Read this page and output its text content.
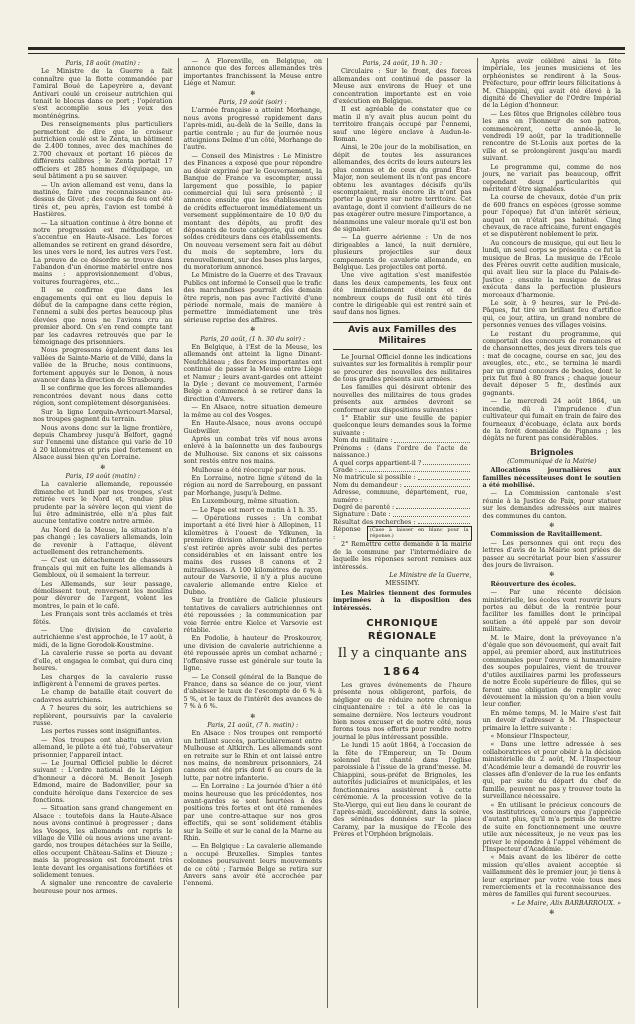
Paris, 18 août (matin) :

Le Ministre de la Guerre a fait connaître que la flotte commandée par l'amiral Boué de Lapeyrère a, devant Antivari coulé un croiseur autrichien qui tenait le blocus dans ce port ; l'opération s'est accomplie sous les yeux des monténégrins.

Des renseignements plus particuliers permettent de dire que le croiseur autrichien coulé est le Zenta, un bâtiment de 2.400 tonnes, avec des machines de 2.700 chevaux et portant 16 pièces de différents calibres ; le Zenta portait 17 officiers et 285 hommes d'équipage, un seul bâtiment a pu se sauver.

— Un avion allemand est venu, dans la matinée, faire une reconnaissance au-dessus de Givet ; des coups de feu ont été tirés et, peu après, l'avion est tombé à Hastières.

— La situation continue à être bonne et notre progression est méthodique et s'accentue en Haute-Alsace. Les forces allemandes se retirent en grand désordre, les unes vers le nord, les autres vers l'est. La preuve de ce désordre se trouve dans l'abandon d'un énorme matériel entre nos mains : approvisionnement d'obus, voitures fourragères, etc...

Il se confirme que dans les engagements qui ont eu lieu depuis le début de la campagne dans cette région, l'ennemi a subi des pertes beaucoup plus élevées que nous ne l'avions cru au premier abord. On s'en rend compte tant par les cadavres retrouvés que par le témoignage des prisonniers.

Nous progressons également dans les vallées de Sainte-Marie et de Villé, dans la vallée de la Bruche, nous continuons, fortement appuyés sur le Donon, à nous avancer dans la direction de Strasbourg.

Il se confirme que les forces allemandes rencontrées devant nous dans cette région, sont complètement désorganisées.

Sur la ligne Lorquin-Avricourt-Marsal, nos troupes gagnent du terrain.

Nous avons donc sur la ligne frontière, depuis Chambrey jusqu'à Belfort, gagné sur l'ennemi une distance qui varie de 10 à 20 kilomètres et pris pied fortement en Alsace aussi bien qu'en Lorraine.

✻

Paris, 19 août (matin) :

La cavalerie allemande, repoussée dimanche et lundi par nos troupes, s'est retirée vers le Nord et, rendue plus prudente par la sévère leçon qui vient de lui être administrée, elle n'a plus fait aucune tentative contre notre armée.

Au Nord de la Meuse, la situation n'a pas changé ; les cavaliers allemands, loin de revenir à l'attaque, élèvent actuellement des retranchements.

— C'est un détachement de chasseurs français qui mit en fuite les allemands à Gembloux, où il semaient la terreur.

Les Allemands, sur leur passage, démolissent tout, renversent les moulins pour dévorer de l'argent, volent les montres, le pain et le café.

Les Français sont très acclamés et très fêtés.

— Une division de cavalerie autrichienne s'est approchée, le 17 août, à midi, de la ligne Gorodok-Koustmine.

La cavalerie russe se porta au devant d'elle, et engagea le combat, qui dura cinq heures.

Les charges de la cavalerie russe infligèrent à l'ennemi de graves pertes.

Le champ de bataille était couvert de cadavres autrichiens.

A 7 heures du soir, les autrichiens se replièrent, poursuivis par la cavalerie russe.

Les pertes russes sont insignifiantes.

— Nos troupes ont abattu un avion allemand, le pilote a été tué, l'observateur prisonnier, l'appareil intact.

— Le Journal Officiel publie le décret suivant : L'ordre national de la Légion d'honneur a décoré M. Benoit Joseph Edmond, maire de Badonviller, pour sa conduite héroïque dans l'exercice de ses fonctions.

— Situation sans grand changement en Alsace : toutefois dans la Haute-Alsace nous avons continué à progresser ; dans les Vosges, les allemands ont repris le village de Villé où nous avions une avant-garde, nos troupes détachées sur la Seille, elles occupent Château-Salins et Dieuze ; mais la progression est forcément très lente devant les organisations fortifiées et solidement tenues.

A signaler une rencontre de cavalerie heureuse pour nos armes.

— A Florenville, en Belgique, on annonce que des forces allemandes très importantes franchissent la Meuse entre Liège et Namur.

✻

Paris, 19 août (soir) :

L'armée française a atteint Morhange, nous avons progressé rapidement dans l'après-midi, au-delà de la Seille, dans la partie centrale ; au fur de journée nous atteignions Delme d'un côté, Morhange de l'autre.

— Conseil des Ministres : Le Ministre des Finances a exposé que pour répondre au désir exprimé par le Gouvernement, la Banque de France va escompter, aussi largement que possible, le papier commercial qui lui sera présenté ; il annonce ensuite que les établissements de crédits effectueront immédiatement un versement supplémentaire de 10 0/0 du montant des dépôts, au profit des déposants de toute catégorie, qui ont des soldes créditeurs dans ces établissements. On nouveau versement sera fait au début du mois de septembre, lors du renouvellement, sur des bases plus larges, du moratorium annoncé.

Le Ministre de la Guerre et des Travaux Publics ont informé le Conseil que le trafic des marchandises pourrait dès demain être repris, non pas avec l'activité d'une période normale, mais de manière à permettre immédiatement une très sérieuse reprise des affaires.

✻

Paris, 20 août, (1 h. 30 du soir) :

En Belgique, à l'Est de la Meuse, les allemands ont atteint la ligne Dinant-Neufchâteau ; des forces importantes ont continué de passer la Meuse entre Liège et Namur ; leurs avant-gardes ont atteint la Dyle ; devant ce mouvement, l'armée Belge a commencé à se retirer dans la direction d'Anvers.

— En Alsace, notre situation demeure la même au col des Vosges.

En Haute-Alsace, nous avons occupé Guebwiller.

Après un combat très vif nous avons enlevé à la baïonnette un des faubourgs de Mulhouse. Six canons et six caissons sont restés entre nos mains.

Mulhouse a été réoccupé par nous.

En Lorraine, notre ligne s'étend de la région au nord de Sarrebourg, en passant par Morhange, jusqu'à Delme.

En Luxembourg, même situation.

— Le Pape est mort ce matin à 1 h. 35.

— Opérations russes : Un combat important a été livré hier à Allopinen, 11 kilomètres à l'ouest de Ydkunen, la première division allemande d'infanterie s'est retirée après avoir subi des pertes considérables et en laissant entre les mains des russes 8 canons et 2 mitrailleuses. A 100 kilomètres de rayon autour de Varsovie, il n'y a plus aucune cavalerie allemande entre Kielce et Dubno.

Sur la frontière de Galicie plusieurs tentatives de cavaliers autrichiennes ont été repoussées ; la communication par voie ferrée entre Kielce et Varsovie est rétablie.

En Podolie, à hauteur de Proskourov, une division de cavalerie autrichienne a été repoussée après un combat acharné ; l'offensive russe est générale sur toute la ligne.

— Le Conseil général de la Banque de France, dans sa séance de ce jour, vient d'abaisser le taux de l'escompte de 6 % à 5 %, et le taux de l'intérêt des avances de 7 % à 6 %.

✻

Paris, 21 août, (7 h. matin) :

En Alsace : Nos troupes ont remporté un brillant succès, particulièrement entre Mulhouse et Altkirch. Les allemands sont en retraite sur le Rhin et ont laissé entre nos mains, de nombreux prisonniers, 24 canons ont été pris dont 6 au cours de la lutte, par notre infanterie.

— En Lorraine : La journée d'hier a été moins heureuse que les précédentes, nos avant-gardes se sont heurtées à des positions très fortes et ont été ramenées par une contre-attaque sur nos gros effectifs, qui se sont solidement établis sur la Seille et sur le canal de la Marne au Rhin.

— En Belgique : La cavalerie allemande a occupé Bruxelles. Simples tantes colonnes poursuivent leurs mouvements de ce côté ; l'armée Belge se retira sur Anvers sans avoir été accrochée par l'ennemi.

Paris, 24 août, 19 h. 30 :

Circulaire : Sur le front, des forces allemandes ont continué de passer la Meuse aux environs de Huey et une concentration importante est en voie d'exécution en Belgique.

Il est agréable de constater que ce matin il n'y avait plus aucun point du territoire français occupé par l'ennemi, sauf une légère enclave à Audun-le-Roman.

Ainsi, le 20e jour de la mobilisation, en dépit de toutes les assurances allemandes, des écrits de leurs auteurs les plus connus et de ceux du grand État-Major, non seulement ils n'ont pas encore obtenu les avantages décisifs qu'ils escomptaient, mais encore ils n'ont pas porter la guerre sur notre territoire. Cet avantage, dont il convient d'ailleurs de ne pas exagérer outre mesure l'importance, a néanmoins une valeur morale qu'il est bon de signaler.

— La guerre aérienne : Un de nos dirigeables a lancé, la nuit dernière, plusieurs projectiles sur deux campements de cavalerie allemande, en Belgique. Les projectiles ont porté.

Une vive agitation s'est manifestée dans les deux campements, les feux ont été immédiatement éteints et de nombreux coups de fusil ont été tirés contre le dirigeable qui est rentré sain et sauf dans nos lignes.

Avis aux Familles des Militaires

Le Journal Officiel donne les indications suivantes sur les formalités à remplir pour se procurer des nouvelles des militaires de tous grades présents aux armées.

Les familles qui désirent obtenir des nouvelles des militaires de tous grades présents aux armées devront se conformer aux dispositions suivantes :

1° Etablir sur une feuille de papier quelconque leurs demandes sous la forme suivante :

Nom du militaire :
Prénoms : (dans l'ordre de l'acte de naissance.)
A quel corps appartient-il ?
Grade :
No matricule si possible :
Nom du demandeur :
Adresse, commune, département, rue, numéro :
Degré de parenté :
Signature : Date :
Résultat des recherches :
Réponse :
(Case à laisser en blanc pour la réponse.)

2° Remettre cette demande à la mairie de la commune par l'intermédiaire de laquelle les réponses seront remises aux intéressés.

Le Ministre de la Guerre,

MESSIMY.

Les Mairies tiennent des formules imprimées à la disposition des intéressés.

CHRONIQUE RÉGIONALE

Il y a cinquante ans

1864

Les graves événements de l'heure présente nous obligeront, parfois, de négliger ou de réduire notre chronique cinquantenaire : tel a été le cas la semaine dernière. Nos lecteurs voudront bien nous excuser et de notre côté, nous ferons tous nos efforts pour rendre notre journal le plus intéressant possible.

Le lundi 15 août 1864, à l'occasion de la fête de l'Empereur, un Te Deum solennel fut chanté dans l'église paroissiale à l'issue de la grand'messe. M. Chiappini, sous-préfet de Brignoles, les autorités judiciaires et municipales, et les fonctionnaires assistèrent à cette cérémonie. A la procession votive de la Ste-Vierge, qui eut lieu dans le courant de l'après-midi, succédèrent, dans la soirée, des sérénades données sur la place Caramy, par la musique de l'Ecole des Frères et l'Orphéon brignolais.

Après avoir célébré ainsi la fête impériale, les jeunes musiciens et les orphéonistes se rendirent à la Sous-Préfecture, pour offrir leurs félicitations à M. Chiappini, qui avait été élevé à la dignité de Chevalier de l'Ordre Impérial de la Légion d'honneur.

— Les fêtes que Brignoles célèbre tous les ans en l'honneur de son patron, commencèrent, cette année-là, le vendredi 19 août, par la traditionnelle rencontre de St-Louis aux portes de la ville et se prolongèrent jusqu'au mardi suivant.

Le programme qui, comme de nos jours, ne variait pas beaucoup, offrit cependant deux particularités qui méritent d'être signalées.

La course de chevaux, dotée d'un prix de 600 francs en espèces (grosse somme pour l'époque) fut d'un intérêt sérieux, auquel on n'était pas habitué. Cinq chevaux, de race africaine, furent engagés et se disputèrent noblement le prix.

Au concours de musique, qui eut lieu le lundi, un seul corps se présenta : ce fut la musique de Bras. La musique de l'École des Frères ouvrit cette audition musicale, qui avait lieu sur la place du Palais-de-Justice ; ensuite la musique de Bras exécuta dans la perfection plusieurs morceaux d'harmonie.

Le soir, à 9 heures, sur le Pré-de-Pâques, fut tiré un brillant feu d'artifice qui, ce jour, attira, un grand nombre de personnes venues des villages voisins.

Le restant du programme, qui comportait des concours de romances et de chansonnettes, des jeux divers tels que : mat de cocagne, course en sac, jeu des aveugles, etc., etc., se termina le mardi par un grand concours de boules, dont le prix fut fixé à 80 francs ; chaque joueur devait déposer 5 fr., destinés aux gagnants.

— Le mercredi 24 août 1864, un incendie, dû à l'imprudence d'un cultivateur qui fumait en train de faire des fourneaux d'écobuage, éclata aux bords de la forêt domaniale de Pignans ; les dégâts ne furent pas considérables.

Brignoles

(Communiqué de la Mairie)

Allocations journalières aux familles nécessiteuses dont le soutien a été mobilisé.

— La Commission cantonale s'est réunie à la Justice de Paix, pour statuer sur les demandes adressées aux maires des communes du canton.

✻

Commission de Ravitaillement.

— Les personnes qui ont reçu des lettres d'avis de la Mairie sont priées de passer au secrétariat pour bien s'assurer des jours de livraison.

✻

Réouverture des écoles.

— Par une récente décision ministérielle, les écoles vont rouvrir leurs portes au début de la rentrée pour faciliter les familles dont le principal soutien a été appelé par son devoir militaire.

M. le Maire, dont la prévoyance n'a d'égale que son dévouement, qui avait fait appel, au premier abord, aux institutrices communales pour l'œuvre si humanitaire des soupes populaires, vient de trouver d'utiles auxiliaires parmi les professeurs de notre École supérieure de filles, qui se feront une obligation de remplir avec dévouement la mission qu'on a bien voulu leur confier.

En même temps, M. le Maire s'est fait un devoir d'adresser à M. l'Inspecteur primaire la lettre suivante :

« Monsieur l'Inspecteur,

« Dans une lettre adressée à ses collaboratrices et pour obéir à la décision ministérielle du 2 août, M. l'Inspecteur d'Académie leur a demandé de rouvrir les classes afin d'enlever de la rue les enfants qui, par suite du départ du chef de famille, peuvent ne pas y trouver toute la surveillance nécessaire.

« En utilisant le précieux concours de vos institutrices, concours que j'apprécie d'autant plus, qu'il m'a permis de mettre de suite en fonctionnement une œuvre utile aux nécessiteux, je ne veux pas les priver le répondre à l'appel véhément de l'Inspecteur d'Académie.

« Mais avant de les libérer de cette mission qu'elles avaient acceptée si vaillamment dès le premier jour, je tiens à leur exprimer par votre voie tous mes remerciements et la reconnaissance des mères de familles qui furent secourues.

« Le Maire, Alix BARBARROUX. »

✻
